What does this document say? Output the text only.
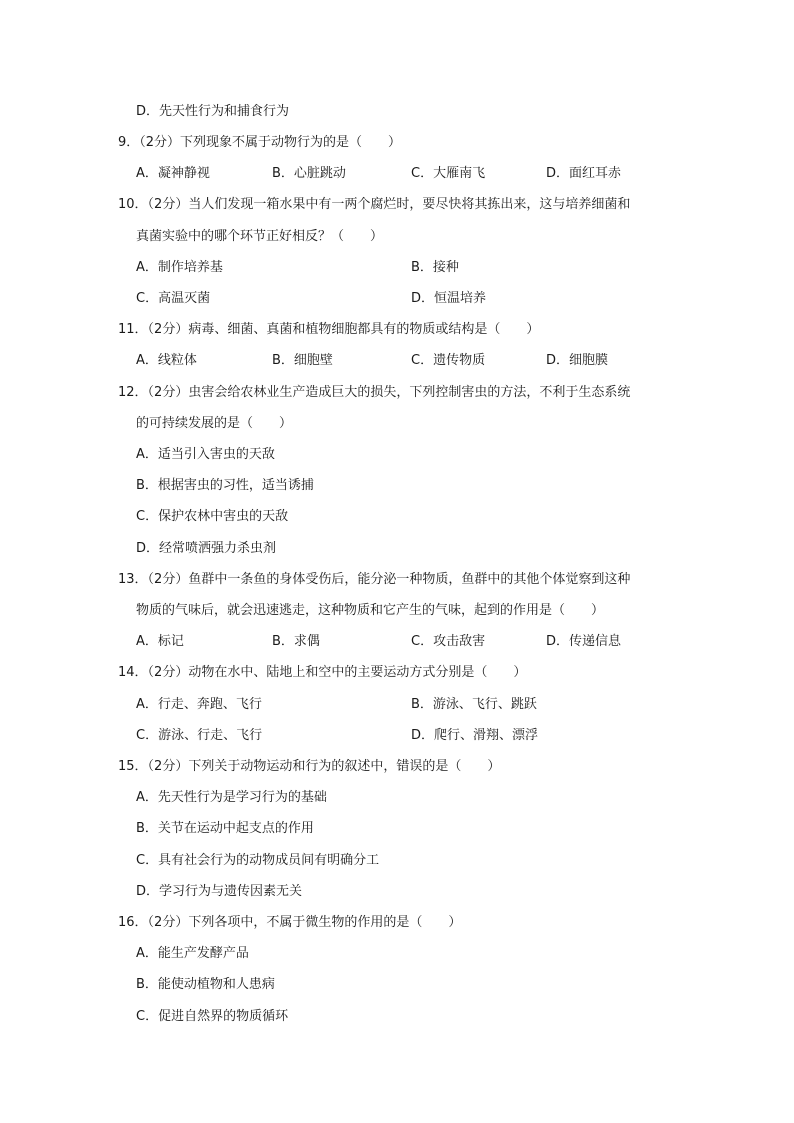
D．先天性行为和捕食行为
9．（2分）下列现象不属于动物行为的是（　　）
A．凝神静视	B．心脏跳动	C．大雁南飞	D．面红耳赤
10．（2分）当人们发现一箱水果中有一两个腐烂时，要尽快将其拣出来，这与培养细菌和
真菌实验中的哪个环节正好相反？（　　）
A．制作培养基	B．接种
C．高温灭菌	D．恒温培养
11．（2分）病毒、细菌、真菌和植物细胞都具有的物质或结构是（　　）
A．线粒体	B．细胞壁	C．遗传物质	D．细胞膜
12．（2分）虫害会给农林业生产造成巨大的损失，下列控制害虫的方法，不利于生态系统
的可持续发展的是（　　）
A．适当引入害虫的天敌
B．根据害虫的习性，适当诱捕
C．保护农林中害虫的天敌
D．经常喷洒强力杀虫剂
13．（2分）鱼群中一条鱼的身体受伤后，能分泌一种物质，鱼群中的其他个体觉察到这种
物质的气味后，就会迅速逃走，这种物质和它产生的气味，起到的作用是（　　）
A．标记	B．求偶	C．攻击敌害	D．传递信息
14．（2分）动物在水中、陆地上和空中的主要运动方式分别是（　　）
A．行走、奔跑、飞行	B．游泳、飞行、跳跃
C．游泳、行走、飞行	D．爬行、滑翔、漂浮
15．（2分）下列关于动物运动和行为的叙述中，错误的是（　　）
A．先天性行为是学习行为的基础
B．关节在运动中起支点的作用
C．具有社会行为的动物成员间有明确分工
D．学习行为与遗传因素无关
16．（2分）下列各项中，不属于微生物的作用的是（　　）
A．能生产发酵产品
B．能使动植物和人患病
C．促进自然界的物质循环
